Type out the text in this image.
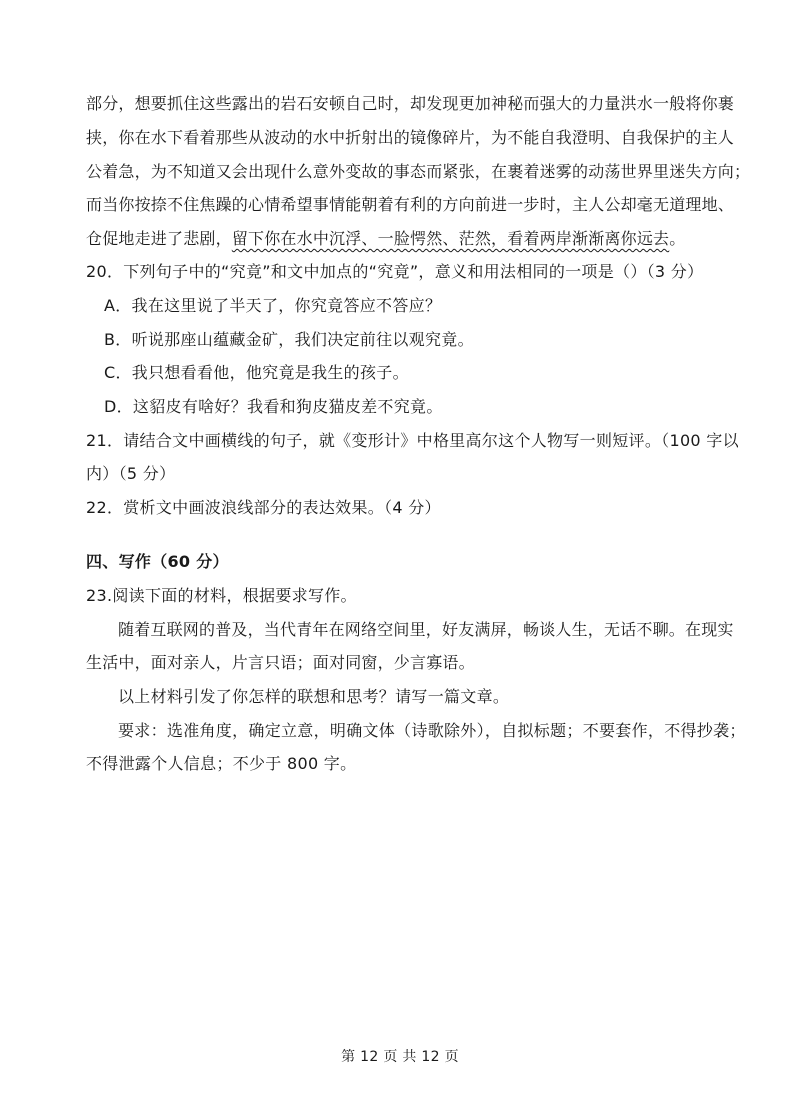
部分，想要抓住这些露出的岩石安顿自己时，却发现更加神秘而强大的力量洪水一般将你裹
挟，你在水下看着那些从波动的水中折射出的镜像碎片，为不能自我澄明、自我保护的主人
公着急，为不知道又会出现什么意外变故的事态而紧张，在裹着迷雾的动荡世界里迷失方向；
而当你按捺不住焦躁的心情希望事情能朝着有利的方向前进一步时，主人公却毫无道理地、
仓促地走进了悲剧，留下你在水中沉浮、一脸愕然、茫然，看着两岸渐渐离你远去。
20．下列句子中的“究竟”和文中加点的“究竟”，意义和用法相同的一项是（）（3 分）
A．我在这里说了半天了，你究竟答应不答应？
B．听说那座山蕴藏金矿，我们决定前往以观究竟。
C．我只想看看他，他究竟是我生的孩子。
D．这貂皮有啥好？我看和狗皮猫皮差不究竟。
21．请结合文中画横线的句子，就《变形计》中格里高尔这个人物写一则短评。（100 字以
内）（5 分）
22．赏析文中画波浪线部分的表达效果。（4 分）
四、写作（60 分）
23.阅读下面的材料，根据要求写作。
随着互联网的普及，当代青年在网络空间里，好友满屏，畅谈人生，无话不聊。在现实
生活中，面对亲人，片言只语；面对同窗，少言寡语。
以上材料引发了你怎样的联想和思考？请写一篇文章。
要求：选准角度，确定立意，明确文体（诗歌除外），自拟标题；不要套作，不得抄袭；
不得泄露个人信息；不少于 800 字。
第 12 页 共 12 页
